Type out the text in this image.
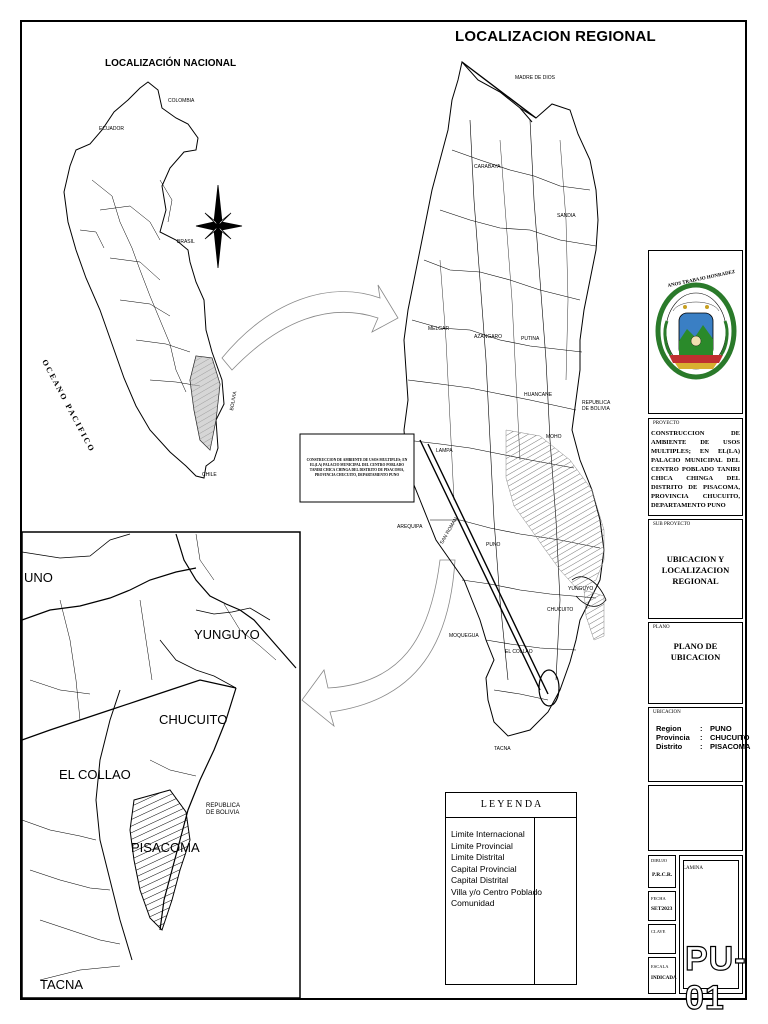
LOCALIZACION REGIONAL
LOCALIZACIÓN NACIONAL
COLOMBIA
ECUADOR
BRASIL
BOLIVIA
CHILE
O C E A N O   P A C I F I C O
MADRE DE DIOS
REPUBLICA DE BOLIVIA
AREQUIPA
MOQUEGUA
TACNA
CARABAYA
SANDIA
MELGAR
AZANGARO	PUTINA
HUANCANE
MOHO
LAMPA
SAN ROMAN	PUNO
YUNGUYO
CHUCUITO
EL COLLAO
CONSTRUCCION DE AMBIENTE DE USOS MULTIPLES; EN EL(LA) PALACIO MUNICIPAL DEL CENTRO POBLADO TANIRI CHICA CHINGA DEL DISTRITO DE PISACOMA, PROVINCIA CHUCUITO, DEPARTAMENTO PUNO
UNO
YUNGUYO
CHUCUITO
EL COLLAO
REPUBLICA DE BOLIVIA
PISACOMA
TACNA
ANOS TRABAJO HONRADEZ
PROYECTO
CONSTRUCCION DE AMBIENTE DE USOS MULTIPLES; EN EL(LA) PALACIO MUNICIPAL DEL CENTRO POBLADO TANIRI CHICA CHINGA DEL DISTRITO DE PISACOMA, PROVINCIA CHUCUITO, DEPARTAMENTO PUNO
SUB PROYECTO
UBICACION Y LOCALIZACION REGIONAL
PLANO
PLANO DE UBICACION
UBICACION
Region	:	PUNO
Provincia	:	CHUCUITO
Distrito	:	PISACOMA
DIBUJO
P.R.C.R.
FECHA
SET2023
CLAVE
ESCALA
INDICADA
LAMINA
PU-01
L E Y E N D A
Limite Internacional
Limite Provincial
Limite Distrital
Capital Provincial
Capital Distrital
Villa y/o Centro Poblado
Comunidad
